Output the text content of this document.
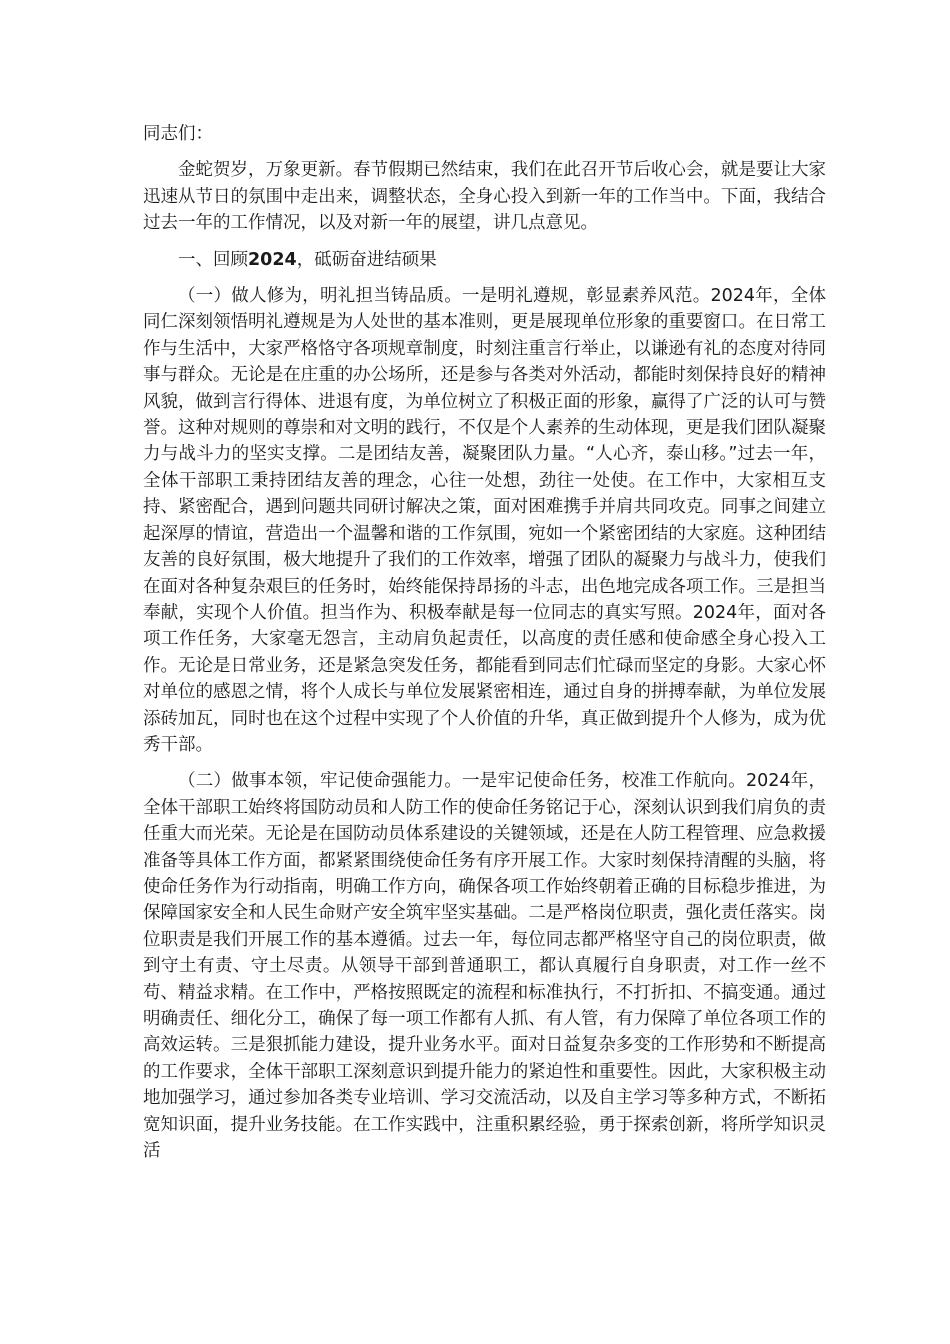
同志们：

金蛇贺岁，万象更新。春节假期已然结束，我们在此召开节后收心会，就是要让大家迅速从节日的氛围中走出来，调整状态，全身心投入到新一年的工作当中。下面，我结合过去一年的工作情况，以及对新一年的展望，讲几点意见。

一、回顾2024，砥砺奋进结硕果

（一）做人修为，明礼担当铸品质。一是明礼遵规，彰显素养风范。2024年，全体同仁深刻领悟明礼遵规是为人处世的基本准则，更是展现单位形象的重要窗口。在日常工作与生活中，大家严格恪守各项规章制度，时刻注重言行举止，以谦逊有礼的态度对待同事与群众。无论是在庄重的办公场所，还是参与各类对外活动，都能时刻保持良好的精神风貌，做到言行得体、进退有度，为单位树立了积极正面的形象，赢得了广泛的认可与赞誉。这种对规则的尊崇和对文明的践行，不仅是个人素养的生动体现，更是我们团队凝聚力与战斗力的坚实支撑。二是团结友善，凝聚团队力量。“人心齐，泰山移。”过去一年，全体干部职工秉持团结友善的理念，心往一处想，劲往一处使。在工作中，大家相互支持、紧密配合，遇到问题共同研讨解决之策，面对困难携手并肩共同攻克。同事之间建立起深厚的情谊，营造出一个温馨和谐的工作氛围，宛如一个紧密团结的大家庭。这种团结友善的良好氛围，极大地提升了我们的工作效率，增强了团队的凝聚力与战斗力，使我们在面对各种复杂艰巨的任务时，始终能保持昂扬的斗志，出色地完成各项工作。三是担当奉献，实现个人价值。担当作为、积极奉献是每一位同志的真实写照。2024年，面对各项工作任务，大家毫无怨言，主动肩负起责任，以高度的责任感和使命感全身心投入工作。无论是日常业务，还是紧急突发任务，都能看到同志们忙碌而坚定的身影。大家心怀对单位的感恩之情，将个人成长与单位发展紧密相连，通过自身的拼搏奉献，为单位发展添砖加瓦，同时也在这个过程中实现了个人价值的升华，真正做到提升个人修为，成为优秀干部。

（二）做事本领，牢记使命强能力。一是牢记使命任务，校准工作航向。2024年，全体干部职工始终将国防动员和人防工作的使命任务铭记于心，深刻认识到我们肩负的责任重大而光荣。无论是在国防动员体系建设的关键领域，还是在人防工程管理、应急救援准备等具体工作方面，都紧紧围绕使命任务有序开展工作。大家时刻保持清醒的头脑，将使命任务作为行动指南，明确工作方向，确保各项工作始终朝着正确的目标稳步推进，为保障国家安全和人民生命财产安全筑牢坚实基础。二是严格岗位职责，强化责任落实。岗位职责是我们开展工作的基本遵循。过去一年，每位同志都严格坚守自己的岗位职责，做到守土有责、守土尽责。从领导干部到普通职工，都认真履行自身职责，对工作一丝不苟、精益求精。在工作中，严格按照既定的流程和标准执行，不打折扣、不搞变通。通过明确责任、细化分工，确保了每一项工作都有人抓、有人管，有力保障了单位各项工作的高效运转。三是狠抓能力建设，提升业务水平。面对日益复杂多变的工作形势和不断提高的工作要求，全体干部职工深刻意识到提升能力的紧迫性和重要性。因此，大家积极主动地加强学习，通过参加各类专业培训、学习交流活动，以及自主学习等多种方式，不断拓宽知识面，提升业务技能。在工作实践中，注重积累经验，勇于探索创新，将所学知识灵活
